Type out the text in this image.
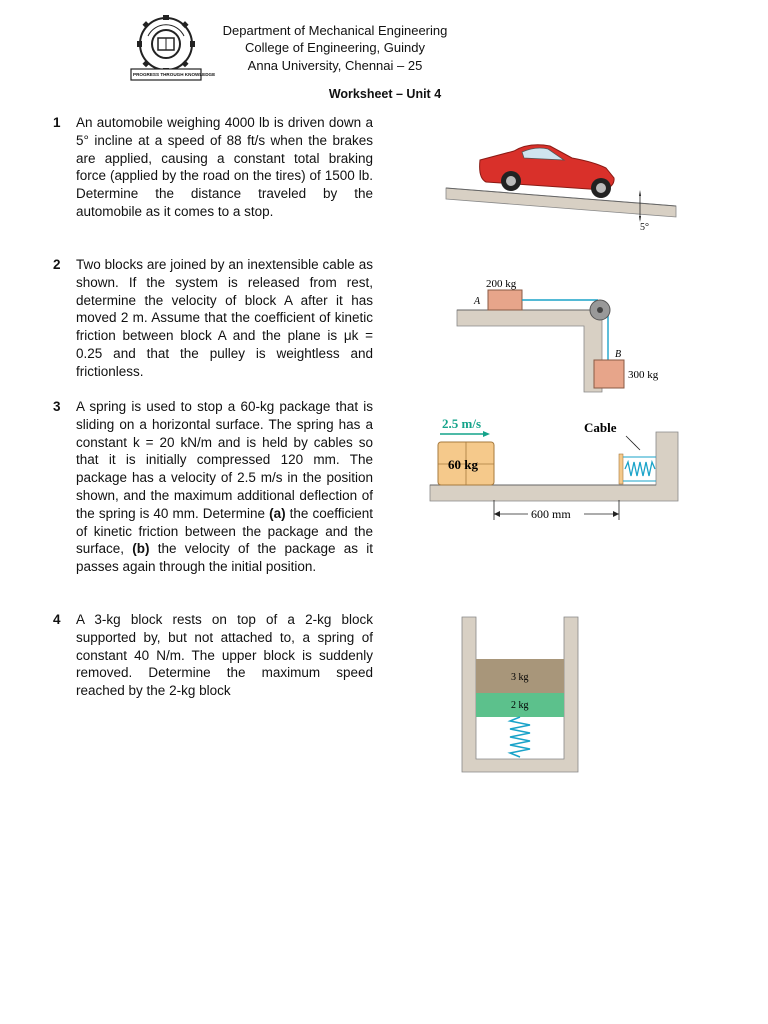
PROGRESS THROUGH KNOWLEDGE
Department of Mechanical Engineering
College of Engineering, Guindy
Anna University, Chennai – 25
Worksheet – Unit 4
1 An automobile weighing 4000 lb is driven down a 5° incline at a speed of 88 ft/s when the brakes are applied, causing a constant total braking force (applied by the road on the tires) of 1500 lb. Determine the distance traveled by the automobile as it comes to a stop.
5°
2 Two blocks are joined by an inextensible cable as shown. If the system is released from rest, determine the velocity of block A after it has moved 2 m. Assume that the coefficient of kinetic friction between block A and the plane is μk = 0.25 and that the pulley is weightless and frictionless.
200 kg
A
B
300 kg
3 A spring is used to stop a 60-kg package that is sliding on a horizontal surface. The spring has a constant k = 20 kN/m and is held by cables so that it is initially compressed 120 mm. The package has a velocity of 2.5 m/s in the position shown, and the maximum additional deflection of the spring is 40 mm. Determine (a) the coefficient of kinetic friction between the package and the surface, (b) the velocity of the package as it passes again through the initial position.
60 kg
2.5 m/s	Cable
600 mm
4 A 3-kg block rests on top of a 2-kg block supported by, but not attached to, a spring of constant 40 N/m. The upper block is suddenly removed. Determine the maximum speed reached by the 2-kg block
3 kg
2 kg
